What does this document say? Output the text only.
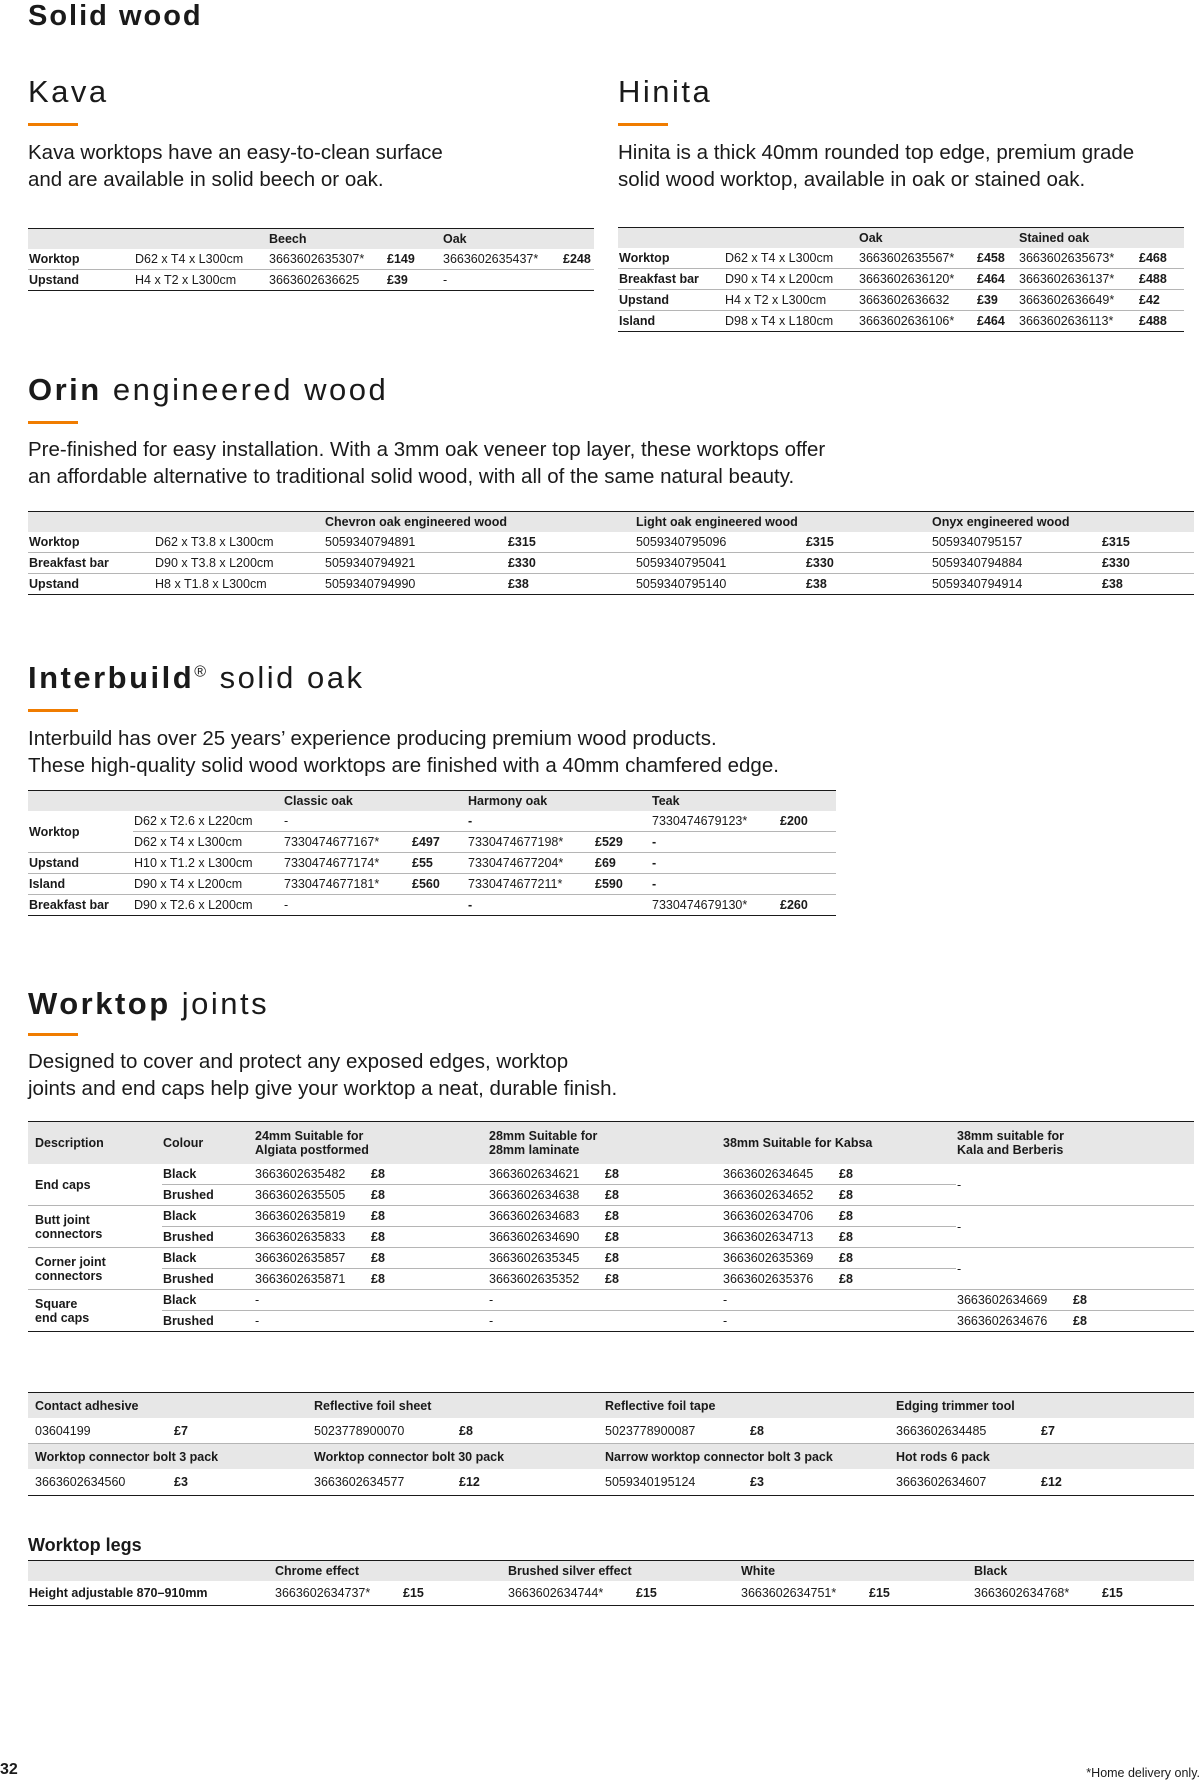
Solid wood
Kava

Kava worktops have an easy-to-clean surface
and are available in solid beech or oak.

		Beech		Oak	
Worktop	D62 x T4 x L300cm	3663602635307*	£149	3663602635437*	£248
Upstand	H4 x T2 x L300cm	3663602636625	£39	-	
Hinita

Hinita is a thick 40mm rounded top edge, premium grade
solid wood worktop, available in oak or stained oak.

		Oak		Stained oak	
Worktop	D62 x T4 x L300cm	3663602635567*	£458	3663602635673*	£468
Breakfast bar	D90 x T4 x L200cm	3663602636120*	£464	3663602636137*	£488
Upstand	H4 x T2 x L300cm	3663602636632	£39	3663602636649*	£42
Island	D98 x T4 x L180cm	3663602636106*	£464	3663602636113*	£488
Orin engineered wood

Pre-finished for easy installation. With a 3mm oak veneer top layer, these worktops offer
an affordable alternative to traditional solid wood, with all of the same natural beauty.

		Chevron oak engineered wood		Light oak engineered wood		Onyx engineered wood	
Worktop	D62 x T3.8 x L300cm	5059340794891	£315	5059340795096	£315	5059340795157	£315
Breakfast bar	D90 x T3.8 x L200cm	5059340794921	£330	5059340795041	£330	5059340794884	£330
Upstand	H8 x T1.8 x L300cm	5059340794990	£38	5059340795140	£38	5059340794914	£38
Interbuild® solid oak

Interbuild has over 25 years’ experience producing premium wood products.
These high-quality solid wood worktops are finished with a 40mm chamfered edge.

		Classic oak		Harmony oak		Teak	
Worktop	D62 x T2.6 x L220cm	-		-		7330474679123*	£200
	D62 x T4 x L300cm	7330474677167*	£497	7330474677198*	£529	-	
Upstand	H10 x T1.2 x L300cm	7330474677174*	£55	7330474677204*	£69	-	
Island	D90 x T4 x L200cm	7330474677181*	£560	7330474677211*	£590	-	
Breakfast bar	D90 x T2.6 x L200cm	-		-		7330474679130*	£260
Worktop joints

Designed to cover and protect any exposed edges, worktop
joints and end caps help give your worktop a neat, durable finish.

Description	Colour	24mm Suitable for
Algiata postformed		28mm Suitable for
28mm laminate		38mm Suitable for Kabsa		38mm suitable for
Kala and Berberis	
End caps	Black	3663602635482	£8	3663602634621	£8	3663602634645	£8	-	
	Brushed	3663602635505	£8	3663602634638	£8	3663602634652	£8		
Butt joint
connectors	Black	3663602635819	£8	3663602634683	£8	3663602634706	£8	-	
	Brushed	3663602635833	£8	3663602634690	£8	3663602634713	£8		
Corner joint
connectors	Black	3663602635857	£8	3663602635345	£8	3663602635369	£8	-	
	Brushed	3663602635871	£8	3663602635352	£8	3663602635376	£8		
Square
end caps	Black	-		-		-		3663602634669	£8
	Brushed	-		-		-		3663602634676	£8
Contact adhesive		Reflective foil sheet		Reflective foil tape		Edging trimmer tool	
03604199	£7	5023778900070	£8	5023778900087	£8	3663602634485	£7
Worktop connector bolt 3 pack		Worktop connector bolt 30 pack		Narrow worktop connector bolt 3 pack		Hot rods 6 pack	
3663602634560	£3	3663602634577	£12	5059340195124	£3	3663602634607	£12
Worktop legs
	Chrome effect		Brushed silver effect		White		Black	
Height adjustable 870–910mm	3663602634737*	£15	3663602634744*	£15	3663602634751*	£15	3663602634768*	£15
32	*Home delivery only.
